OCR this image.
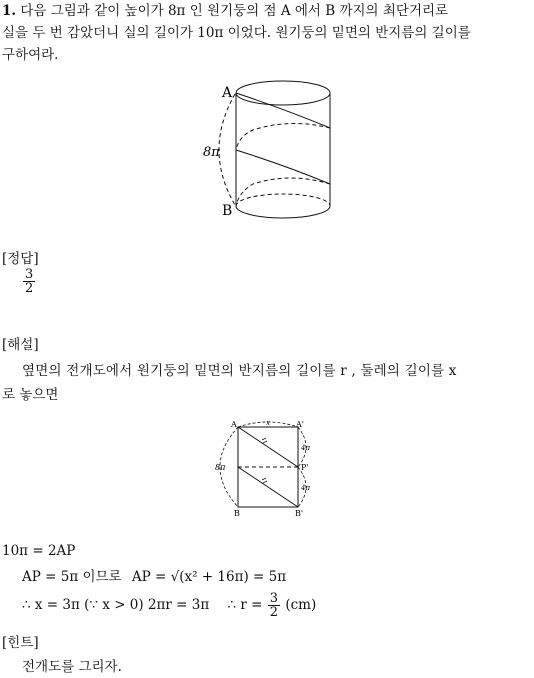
1. 다음 그림과 같이 높이가 8π 인 원기둥의 점 A 에서 B 까지의 최단거리로
실을 두 번 감았더니 실의 길이가 10π 이었다. 원기둥의 밑면의 반지름의 길이를
구하여라.
A
B
8π
[정답]
$\frac{3}{2}$
[해설]
옆면의 전개도에서 원기둥의 밑면의 반지름의 길이를 r , 둘레의 길이를 x
로 놓으면
A	A'
B	B'
P'
8π
4π
4π
x
10π = 2AP
AP = 5π 이므로 AP = √(x² + 16π) = 5π
∴ x = 3π (∵ x > 0) 2πr = 3π ∴ $r = \frac{3}{2} (cm)$
[힌트]
전개도를 그리자.
